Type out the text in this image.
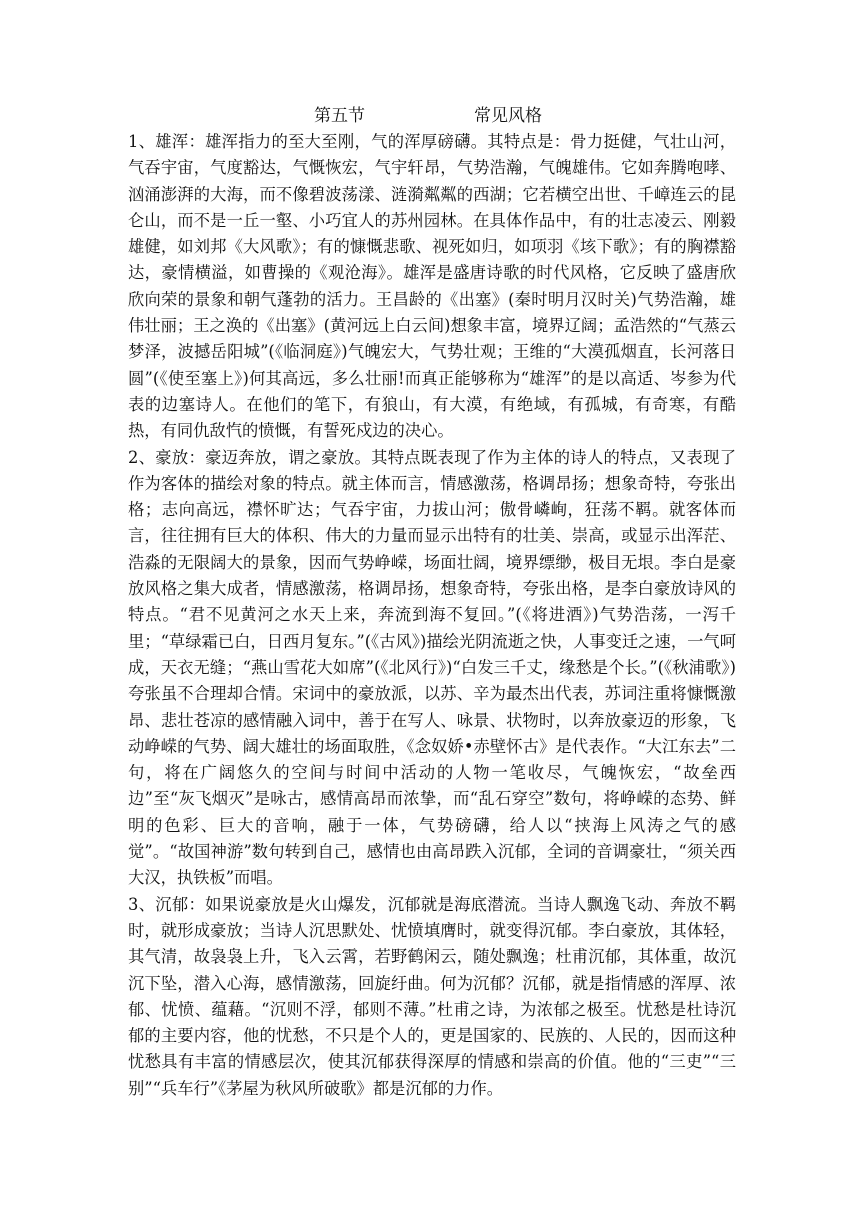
第五节	常见风格

1、雄浑：雄浑指力的至大至刚，气的浑厚磅礴。其特点是：骨力挺健，气壮山河，气吞宇宙，气度豁达，气慨恢宏，气宇轩昂，气势浩瀚，气魄雄伟。它如奔腾咆哮、汹涌澎湃的大海，而不像碧波荡漾、涟漪粼粼的西湖；它若横空出世、千嶂连云的昆仑山，而不是一丘一壑、小巧宜人的苏州园林。在具体作品中，有的壮志凌云、刚毅雄健，如刘邦《大风歌》；有的慷慨悲歌、视死如归，如项羽《垓下歌》；有的胸襟豁达，豪情横溢，如曹操的《观沧海》。雄浑是盛唐诗歌的时代风格，它反映了盛唐欣欣向荣的景象和朝气蓬勃的活力。王昌龄的《出塞》(秦时明月汉时关)气势浩瀚，雄伟壮丽；王之涣的《出塞》(黄河远上白云间)想象丰富，境界辽阔；孟浩然的“气蒸云梦泽，波撼岳阳城”(《临洞庭》)气魄宏大，气势壮观；王维的“大漠孤烟直，长河落日圆”(《使至塞上》)何其高远，多么壮丽!而真正能够称为“雄浑”的是以高适、岑参为代表的边塞诗人。在他们的笔下，有狼山，有大漠，有绝域，有孤城，有奇寒，有酷热，有同仇敌忾的愤慨，有誓死戍边的决心。

2、豪放：豪迈奔放，谓之豪放。其特点既表现了作为主体的诗人的特点，又表现了作为客体的描绘对象的特点。就主体而言，情感激荡，格调昂扬；想象奇特，夸张出格；志向高远，襟怀旷达；气吞宇宙，力拔山河；傲骨嶙峋，狂荡不羁。就客体而言，往往拥有巨大的体积、伟大的力量而显示出特有的壮美、崇高，或显示出浑茫、浩淼的无限阔大的景象，因而气势峥嵘，场面壮阔，境界缥缈，极目无垠。李白是豪放风格之集大成者，情感激荡，格调昂扬，想象奇特，夸张出格，是李白豪放诗风的特点。“君不见黄河之水天上来，奔流到海不复回。”(《将进酒》)气势浩荡，一泻千里；“草绿霜已白，日西月复东。”(《古风》)描绘光阴流逝之快，人事变迁之速，一气呵成，天衣无缝；“燕山雪花大如席”(《北风行》)“白发三千丈，缘愁是个长。”(《秋浦歌》)夸张虽不合理却合情。宋词中的豪放派，以苏、辛为最杰出代表，苏词注重将慷慨激昂、悲壮苍凉的感情融入词中，善于在写人、咏景、状物时，以奔放豪迈的形象，飞动峥嵘的气势、阔大雄壮的场面取胜，《念奴娇•赤壁怀古》是代表作。“大江东去”二句，将在广阔悠久的空间与时间中活动的人物一笔收尽，气魄恢宏，“故垒西边”至“灰飞烟灭”是咏古，感情高昂而浓挚，而“乱石穿空”数句，将峥嵘的态势、鲜明的色彩、巨大的音响，融于一体，气势磅礴，给人以“挟海上风涛之气的感觉”。“故国神游”数句转到自己，感情也由高昂跌入沉郁，全词的音调豪壮，“须关西大汉，执铁板”而唱。

3、沉郁：如果说豪放是火山爆发，沉郁就是海底潜流。当诗人飘逸飞动、奔放不羁时，就形成豪放；当诗人沉思默处、忧愤填膺时，就变得沉郁。李白豪放，其体轻，其气清，故袅袅上升，飞入云霄，若野鹤闲云，随处飘逸；杜甫沉郁，其体重，故沉沉下坠，潜入心海，感情激荡，回旋纡曲。何为沉郁？沉郁，就是指情感的浑厚、浓郁、忧愤、蕴藉。“沉则不浮，郁则不薄。”杜甫之诗，为浓郁之极至。忧愁是杜诗沉郁的主要内容，他的忧愁，不只是个人的，更是国家的、民族的、人民的，因而这种忧愁具有丰富的情感层次，使其沉郁获得深厚的情感和崇高的价值。他的“三吏”“三别”“兵车行”《茅屋为秋风所破歌》都是沉郁的力作。
